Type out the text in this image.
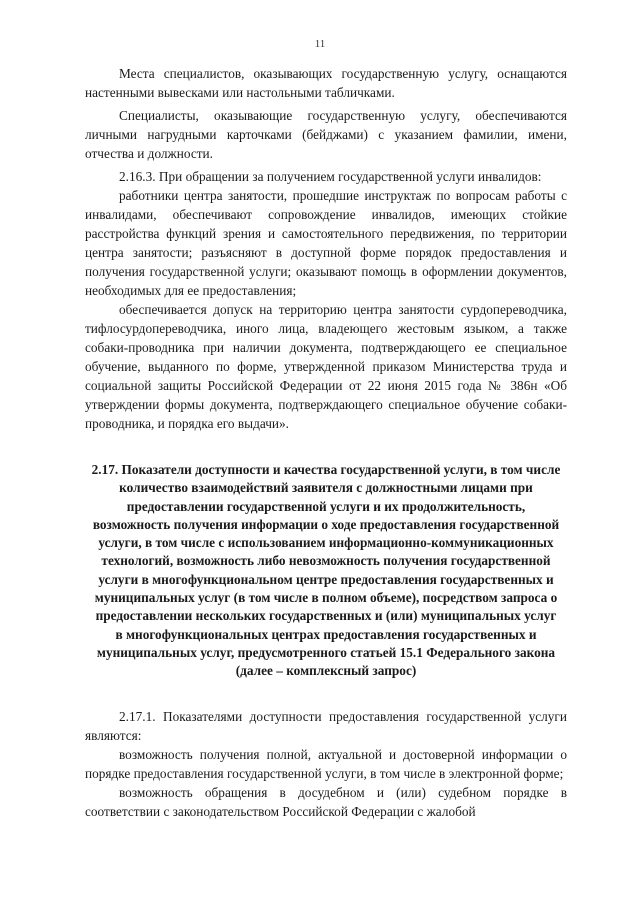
11

Места специалистов, оказывающих государственную услугу, оснащаются настенными вывесками или настольными табличками.

Специалисты, оказывающие государственную услугу, обеспечиваются личными нагрудными карточками (бейджами) с указанием фамилии, имени, отчества и должности.

2.16.3. При обращении за получением государственной услуги инвалидов:

работники центра занятости, прошедшие инструктаж по вопросам работы с инвалидами, обеспечивают сопровождение инвалидов, имеющих стойкие расстройства функций зрения и самостоятельного передвижения, по территории центра занятости; разъясняют в доступной форме порядок предоставления и получения государственной услуги; оказывают помощь в оформлении документов, необходимых для ее предоставления;

обеспечивается допуск на территорию центра занятости сурдопереводчика, тифлосурдопереводчика, иного лица, владеющего жестовым языком, а также собаки-проводника при наличии документа, подтверждающего ее специальное обучение, выданного по форме, утвержденной приказом Министерства труда и социальной защиты Российской Федерации от 22 июня 2015 года № 386н «Об утверждении формы документа, подтверждающего специальное обучение собаки-проводника, и порядка его выдачи».

2.17. Показатели доступности и качества государственной услуги, в том числе количество взаимодействий заявителя с должностными лицами при предоставлении государственной услуги и их продолжительность, возможность получения информации о ходе предоставления государственной услуги, в том числе с использованием информационно-коммуникационных технологий, возможность либо невозможность получения государственной услуги в многофункциональном центре предоставления государственных и муниципальных услуг (в том числе в полном объеме), посредством запроса о предоставлении нескольких государственных и (или) муниципальных услуг в многофункциональных центрах предоставления государственных и муниципальных услуг, предусмотренного статьей 15.1 Федерального закона (далее – комплексный запрос)

2.17.1. Показателями доступности предоставления государственной услуги являются:

возможность получения полной, актуальной и достоверной информации о порядке предоставления государственной услуги, в том числе в электронной форме;

возможность обращения в досудебном и (или) судебном порядке в соответствии с законодательством Российской Федерации с жалобой
